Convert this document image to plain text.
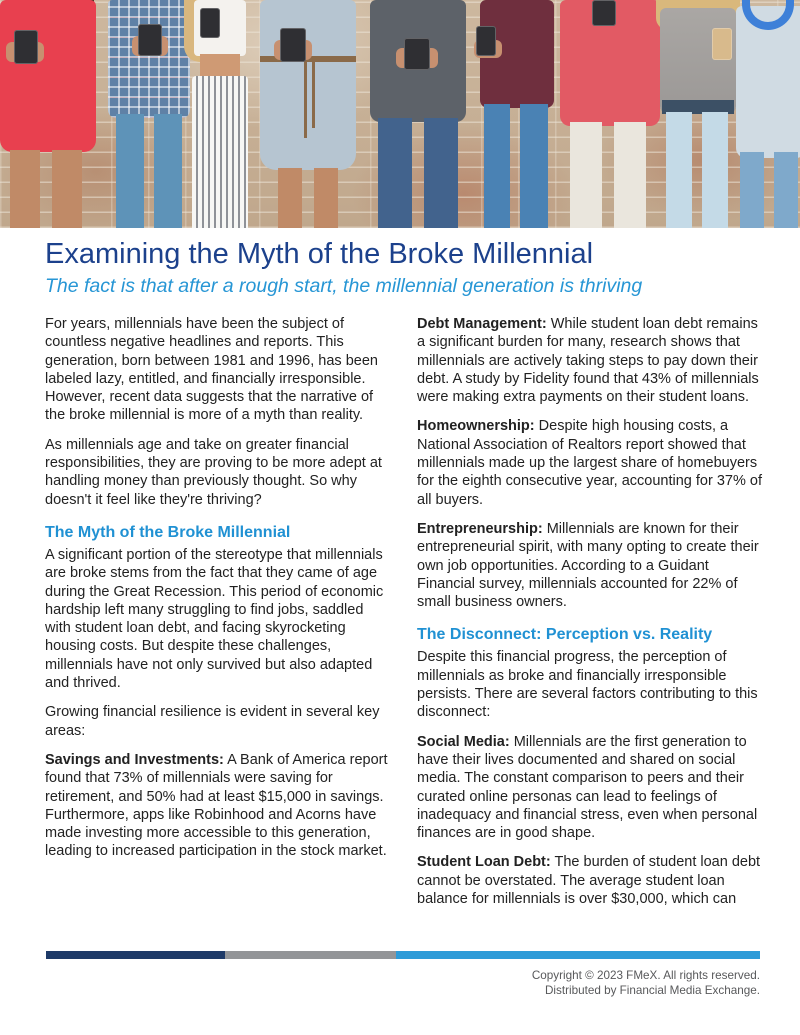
Examining the Myth of the Broke Millennial
The fact is that after a rough start, the millennial generation is thriving

For years, millennials have been the subject of countless negative headlines and reports. This generation, born between 1981 and 1996, has been labeled lazy, entitled, and financially irresponsible. However, recent data suggests that the narrative of the broke millennial is more of a myth than reality.

As millennials age and take on greater financial responsibilities, they are proving to be more adept at handling money than previously thought. So why doesn't it feel like they're thriving?

The Myth of the Broke Millennial

A significant portion of the stereotype that millennials are broke stems from the fact that they came of age during the Great Recession. This period of economic hardship left many struggling to find jobs, saddled with student loan debt, and facing skyrocketing housing costs. But despite these challenges, millennials have not only survived but also adapted and thrived.

Growing financial resilience is evident in several key areas:

Savings and Investments: A Bank of America report found that 73% of millennials were saving for retirement, and 50% had at least $15,000 in savings. Furthermore, apps like Robinhood and Acorns have made investing more accessible to this generation, leading to increased participation in the stock market.

Debt Management: While student loan debt remains a significant burden for many, research shows that millennials are actively taking steps to pay down their debt. A study by Fidelity found that 43% of millennials were making extra payments on their student loans.

Homeownership: Despite high housing costs, a National Association of Realtors report showed that millennials made up the largest share of homebuyers for the eighth consecutive year, accounting for 37% of all buyers.

Entrepreneurship: Millennials are known for their entrepreneurial spirit, with many opting to create their own job opportunities. According to a Guidant Financial survey, millennials accounted for 22% of small business owners.

The Disconnect: Perception vs. Reality

Despite this financial progress, the perception of millennials as broke and financially irresponsible persists. There are several factors contributing to this disconnect:

Social Media: Millennials are the first generation to have their lives documented and shared on social media. The constant comparison to peers and their curated online personas can lead to feelings of inadequacy and financial stress, even when personal finances are in good shape.

Student Loan Debt: The burden of student loan debt cannot be overstated. The average student loan balance for millennials is over $30,000, which can

Copyright © 2023 FMeX. All rights reserved.
Distributed by Financial Media Exchange.
